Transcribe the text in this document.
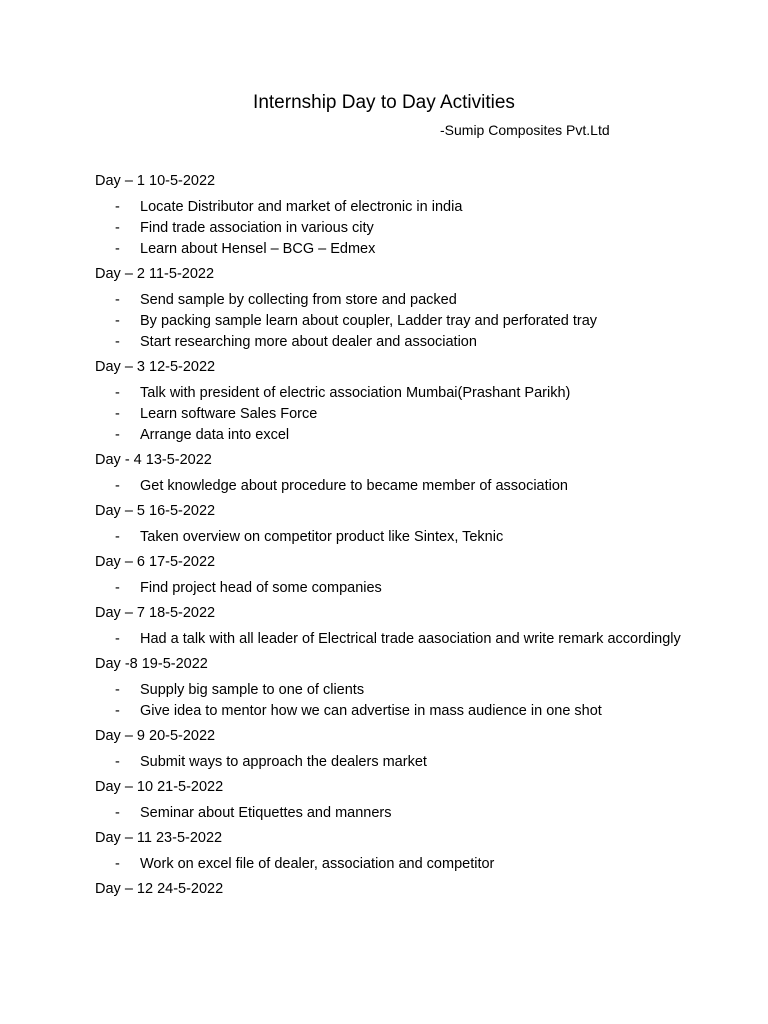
Internship Day to Day Activities
-Sumip Composites Pvt.Ltd
Day – 1 10-5-2022
- Locate Distributor and market of electronic in india
- Find trade association in various city
- Learn about Hensel – BCG – Edmex
Day – 2 11-5-2022
- Send sample by collecting from store and packed
- By packing sample learn about coupler, Ladder tray and perforated tray
- Start researching more about dealer and association
Day – 3 12-5-2022
- Talk with president of electric association Mumbai(Prashant Parikh)
- Learn software Sales Force
- Arrange data into excel
Day - 4 13-5-2022
- Get knowledge about procedure to became member of association
Day – 5 16-5-2022
- Taken overview on competitor product like Sintex, Teknic
Day – 6 17-5-2022
- Find project head of some companies
Day – 7 18-5-2022
- Had a talk with all leader of Electrical trade aasociation and write remark accordingly
Day -8 19-5-2022
- Supply big sample to one of clients
- Give idea to mentor how we can advertise in mass audience in one shot
Day – 9 20-5-2022
- Submit ways to approach the dealers market
Day – 10 21-5-2022
- Seminar about Etiquettes and manners
Day – 11 23-5-2022
- Work on excel file of dealer, association and competitor
Day – 12 24-5-2022
